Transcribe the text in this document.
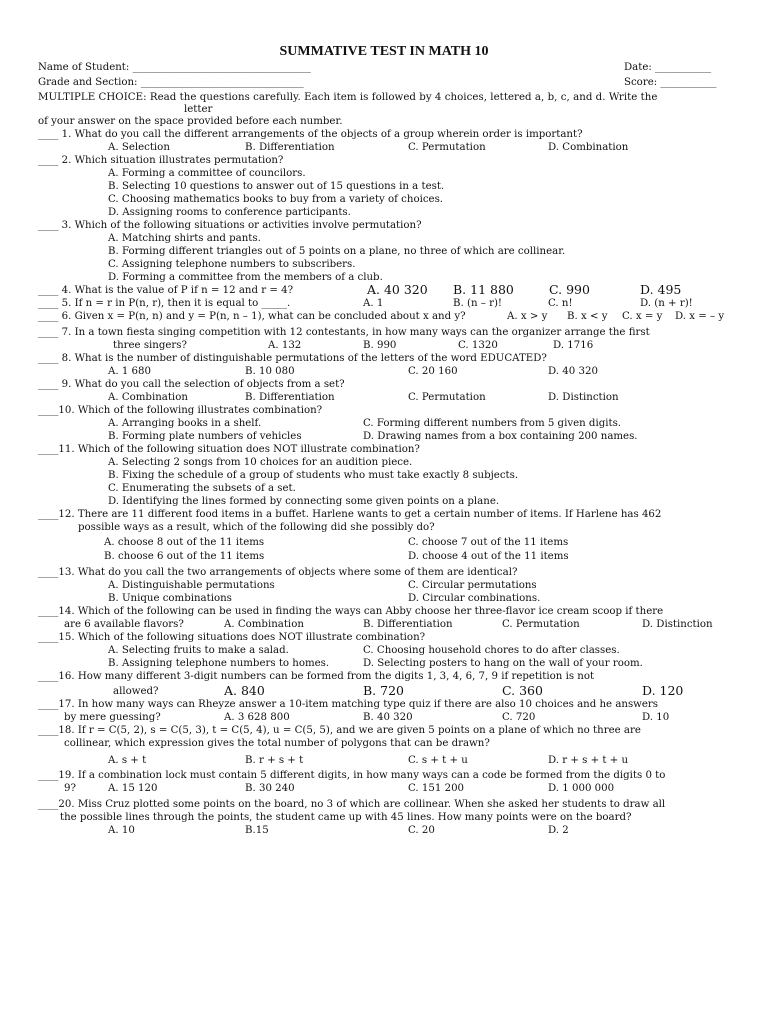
SUMMATIVE TEST IN MATH 10
Name of Student: ___________________________________	Date: ___________
Grade and Section: ________________________________	Score: ___________
MULTIPLE CHOICE: Read the questions carefully. Each item is followed by 4 choices, lettered a, b, c, and d. Write the
letter
of your answer on the space provided before each number.
____ 1. What do you call the different arrangements of the objects of a group wherein order is important?
A. Selection	B. Differentiation	C. Permutation	D. Combination
____ 2. Which situation illustrates permutation?
A. Forming a committee of councilors.
B. Selecting 10 questions to answer out of 15 questions in a test.
C. Choosing mathematics books to buy from a variety of choices.
D. Assigning rooms to conference participants.
____ 3. Which of the following situations or activities involve permutation?
A. Matching shirts and pants.
B. Forming different triangles out of 5 points on a plane, no three of which are collinear.
C. Assigning telephone numbers to subscribers.
D. Forming a committee from the members of a club.
____ 4. What is the value of P if n = 12 and r = 4?	A. 40 320 B. 11 880	C. 990	D. 495
____ 5. If n = r in P(n, r), then it is equal to _____.	A. 1	B. (n – r)!	C. n!	D. (n + r)!
____ 6. Given x = P(n, n) and y = P(n, n – 1), what can be concluded about x and y?	A. x > y B. x < y C. x = y D. x = – y
____ 7. In a town fiesta singing competition with 12 contestants, in how many ways can the organizer arrange the first
three singers?	A. 132	B. 990	C. 1320	D. 1716
____ 8. What is the number of distinguishable permutations of the letters of the word EDUCATED?
A. 1 680	B. 10 080	C. 20 160	D. 40 320
____ 9. What do you call the selection of objects from a set?
A. Combination	B. Differentiation	C. Permutation	D. Distinction
____10. Which of the following illustrates combination?
A. Arranging books in a shelf.	C. Forming different numbers from 5 given digits.
B. Forming plate numbers of vehicles	D. Drawing names from a box containing 200 names.
____11. Which of the following situation does NOT illustrate combination?
A. Selecting 2 songs from 10 choices for an audition piece.
B. Fixing the schedule of a group of students who must take exactly 8 subjects.
C. Enumerating the subsets of a set.
D. Identifying the lines formed by connecting some given points on a plane.
____12. There are 11 different food items in a buffet. Harlene wants to get a certain number of items. If Harlene has 462
possible ways as a result, which of the following did she possibly do?
A. choose 8 out of the 11 items	C. choose 7 out of the 11 items
B. choose 6 out of the 11 items	D. choose 4 out of the 11 items
____13. What do you call the two arrangements of objects where some of them are identical?
A. Distinguishable permutations	C. Circular permutations
B. Unique combinations	D. Circular combinations.
____14. Which of the following can be used in finding the ways can Abby choose her three-flavor ice cream scoop if there
are 6 available flavors?	A. Combination	B. Differentiation	C. Permutation	D. Distinction
____15. Which of the following situations does NOT illustrate combination?
A. Selecting fruits to make a salad.	C. Choosing household chores to do after classes.
B. Assigning telephone numbers to homes.	D. Selecting posters to hang on the wall of your room.
____16. How many different 3-digit numbers can be formed from the digits 1, 3, 4, 6, 7, 9 if repetition is not
allowed?	A. 840	B. 720	C. 360	D. 120
____17. In how many ways can Rheyze answer a 10-item matching type quiz if there are also 10 choices and he answers
by mere guessing?	A. 3 628 800	B. 40 320	C. 720	D. 10
____18. If r = C(5, 2), s = C(5, 3), t = C(5, 4), u = C(5, 5), and we are given 5 points on a plane of which no three are
collinear, which expression gives the total number of polygons that can be drawn?
A. s + t	B. r + s + t	C. s + t + u	D. r + s + t + u
____19. If a combination lock must contain 5 different digits, in how many ways can a code be formed from the digits 0 to
9?	A. 15 120	B. 30 240	C. 151 200	D. 1 000 000
____20. Miss Cruz plotted some points on the board, no 3 of which are collinear. When she asked her students to draw all
the possible lines through the points, the student came up with 45 lines. How many points were on the board?
A. 10	B.15	C. 20	D. 2
